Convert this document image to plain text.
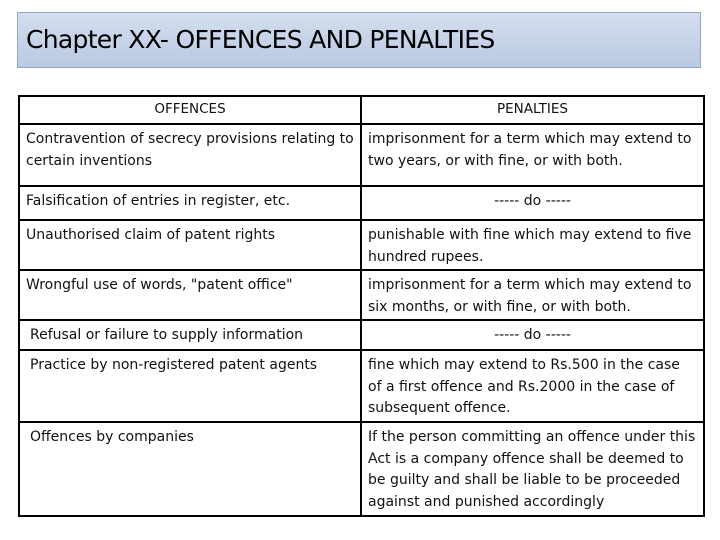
Chapter XX- OFFENCES AND PENALTIES
OFFENCES	PENALTIES
Contravention of secrecy provisions relating to certain inventions	imprisonment for a term which may extend to two years, or with fine, or with both.
Falsification of entries in register, etc.	----- do -----
Unauthorised claim of patent rights	punishable with fine which may extend to five hundred rupees.
Wrongful use of words, "patent office"	imprisonment for a term which may extend to six months, or with fine, or with both.
Refusal or failure to supply information	----- do -----
Practice by non-registered patent agents	fine which may extend to Rs.500 in the case of a first offence and Rs.2000 in the case of subsequent offence.
Offences by companies	If the person committing an offence under this Act is a company offence shall be deemed to be guilty and shall be liable to be proceeded against and punished accordingly
